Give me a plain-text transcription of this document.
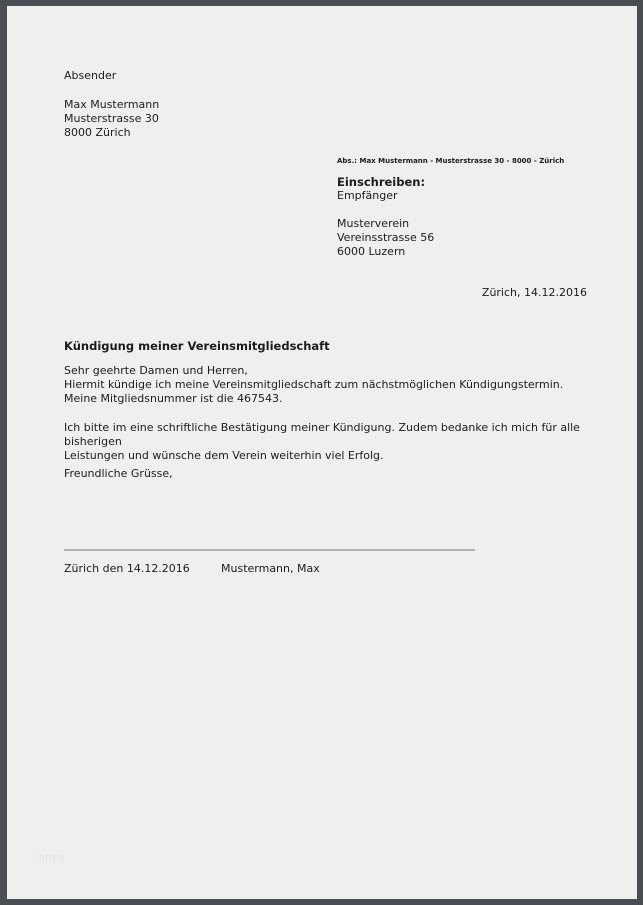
Absender
Max Mustermann
Musterstrasse 30
8000 Zürich
Abs.: Max Mustermann - Musterstrasse 30 - 8000 - Zürich
Einschreiben:
Empfänger
Musterverein
Vereinsstrasse 56
6000 Luzern
Zürich, 14.12.2016
Kündigung meiner Vereinsmitgliedschaft
Sehr geehrte Damen und Herren,
Hiermit kündige ich meine Vereinsmitgliedschaft zum nächstmöglichen Kündigungstermin.
Meine Mitgliedsnummer ist die 467543.
Ich bitte im eine schriftliche Bestätigung meiner Kündigung. Zudem bedanke ich mich für alle bisherigen
Leistungen und wünsche dem Verein weiterhin viel Erfolg.
Freundliche Grüsse,
Zürich den 14.12.2016	Mustermann, Max
https
